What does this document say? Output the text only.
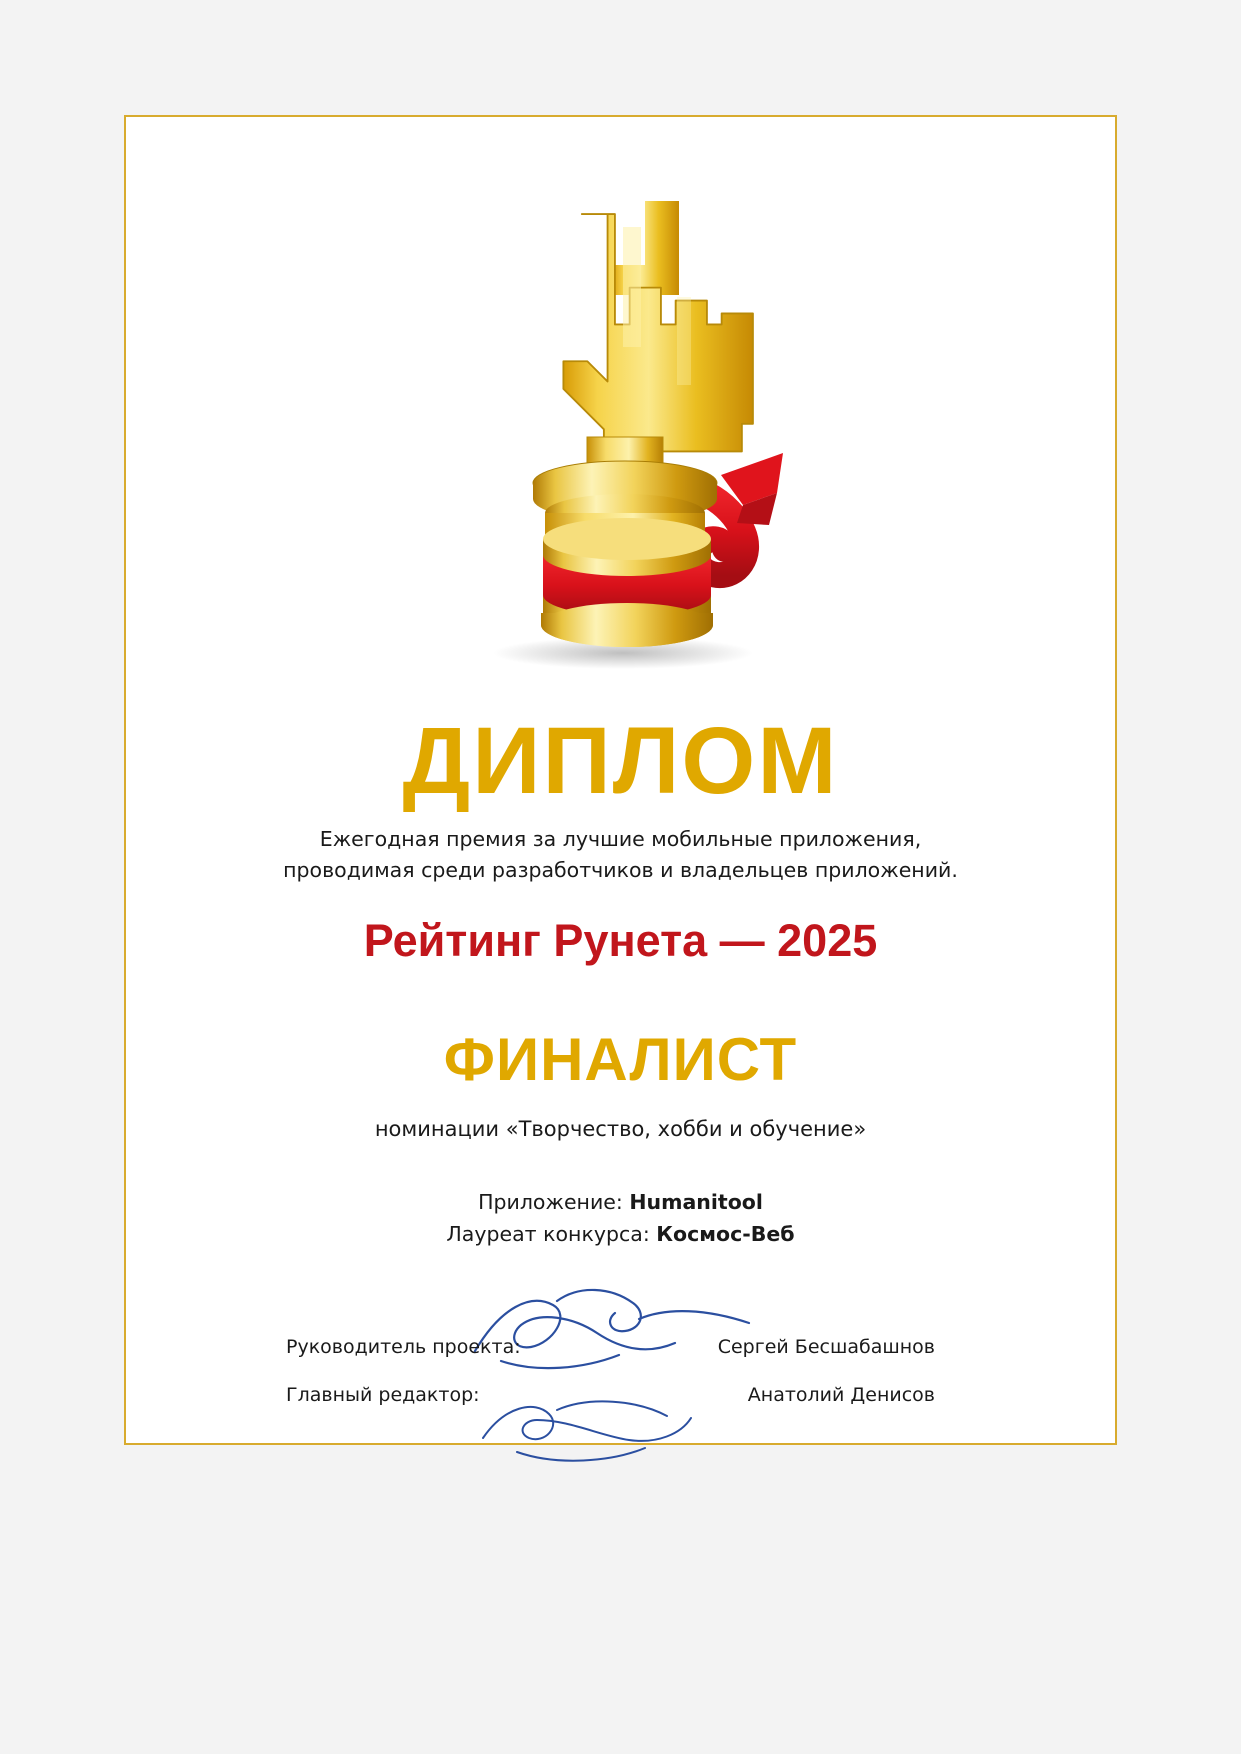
ДИПЛОМ
Ежегодная премия за лучшие мобильные приложения,
проводимая среди разработчиков и владельцев приложений.
Рейтинг Рунета — 2025
ФИНАЛИСТ
номинации «Творчество, хобби и обучение»
Приложение: Humanitool
Лауреат конкурса: Космос-Веб
Руководитель проекта:	Сергей Бесшабашнов
Главный редактор:	Анатолий Денисов
